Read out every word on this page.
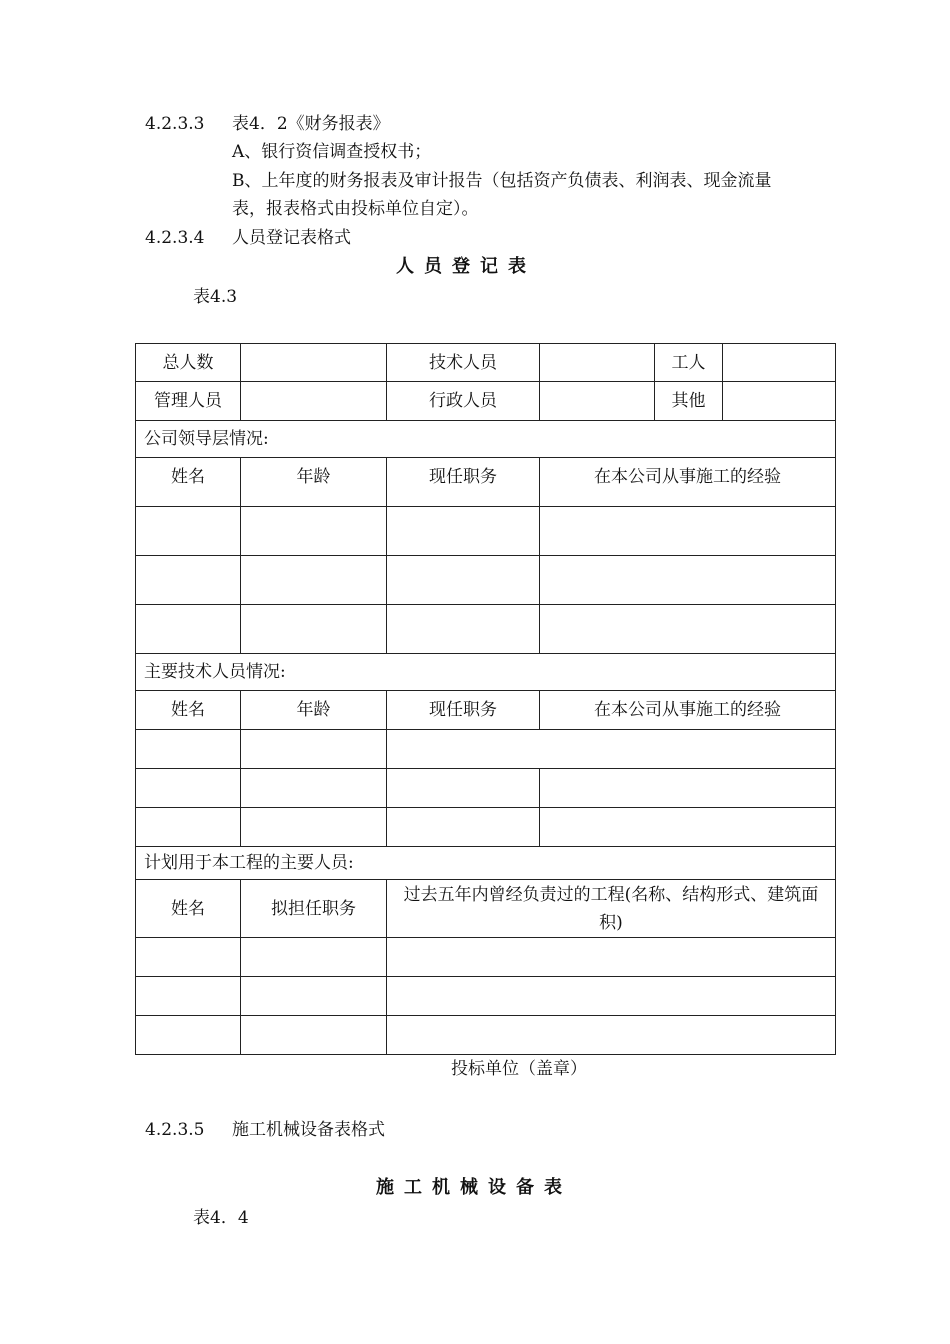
4.2.3.3 表4．2《财务报表》
A、银行资信调查授权书；
B、上年度的财务报表及审计报告（包括资产负债表、利润表、现金流量
表，报表格式由投标单位自定）。
4.2.3.4 人员登记表格式
人员登记表
表4.3
总人数		技术人员		工人	
管理人员		行政人员		其他	
公司领导层情况:					
姓名	年龄	现任职务	在本公司从事施工的经验		

主要技术人员情况:					
姓名	年龄	现任职务	在本公司从事施工的经验		

计划用于本工程的主要人员:					
姓名	拟担任职务	过去五年内曾经负责过的工程(名称、结构形式、建筑面积)			

投标单位（盖章）
4.2.3.5 施工机械设备表格式
施工机械设备表
表4．4
